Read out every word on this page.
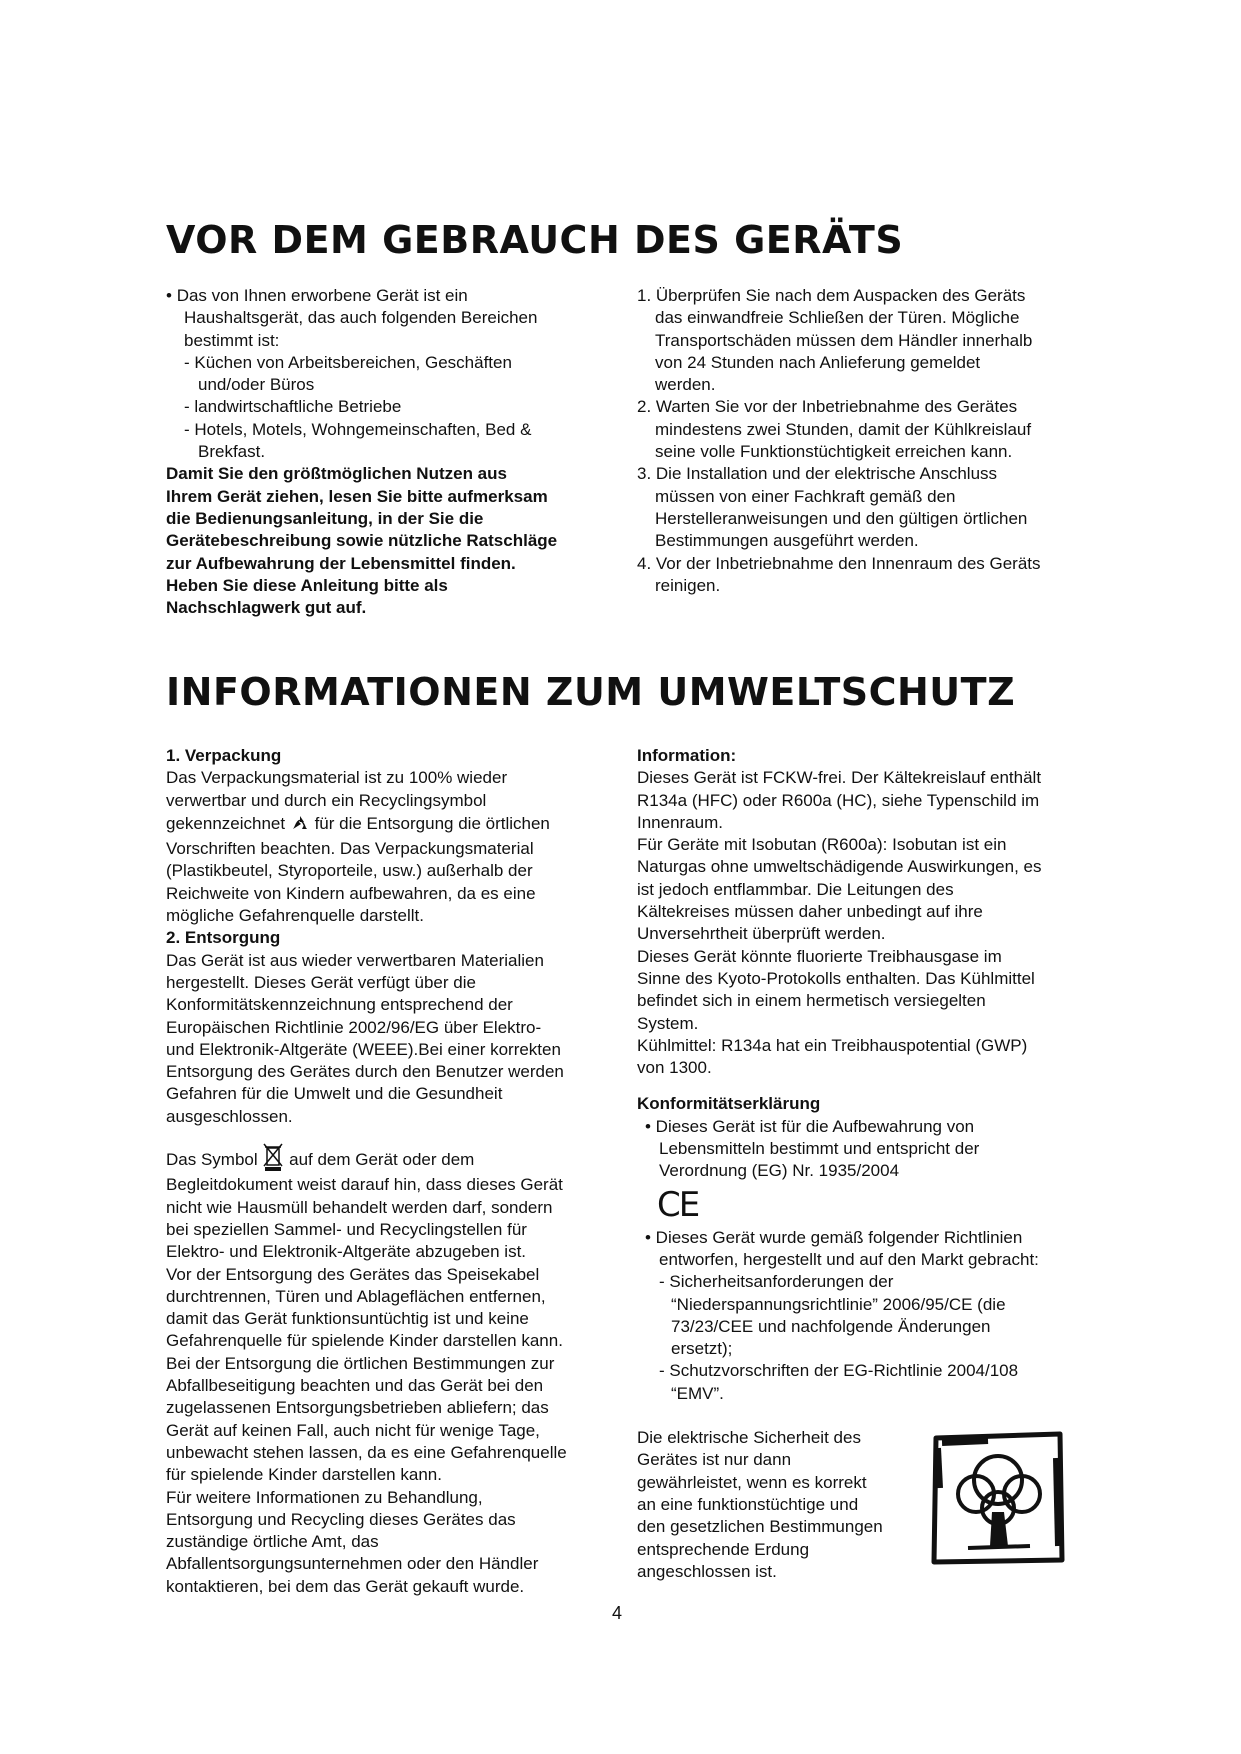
VOR DEM GEBRAUCH DES GERÄTS

• Das von Ihnen erworbene Gerät ist ein

Haushaltsgerät, das auch folgenden Bereichen

bestimmt ist:

- Küchen von Arbeitsbereichen, Geschäften

und/oder Büros

- landwirtschaftliche Betriebe

- Hotels, Motels, Wohngemeinschaften, Bed &

Brekfast.

Damit Sie den größtmöglichen Nutzen aus

Ihrem Gerät ziehen, lesen Sie bitte aufmerksam

die Bedienungsanleitung, in der Sie die

Gerätebeschreibung sowie nützliche Ratschläge

zur Aufbewahrung der Lebensmittel finden.

Heben Sie diese Anleitung bitte als

Nachschlagwerk gut auf.

1. Überprüfen Sie nach dem Auspacken des Geräts

das einwandfreie Schließen der Türen. Mögliche

Transportschäden müssen dem Händler innerhalb

von 24 Stunden nach Anlieferung gemeldet

werden.

2. Warten Sie vor der Inbetriebnahme des Gerätes

mindestens zwei Stunden, damit der Kühlkreislauf

seine volle Funktionstüchtigkeit erreichen kann.

3. Die Installation und der elektrische Anschluss

müssen von einer Fachkraft gemäß den

Herstelleranweisungen und den gültigen örtlichen

Bestimmungen ausgeführt werden.

4. Vor der Inbetriebnahme den Innenraum des Geräts

reinigen.

INFORMATIONEN ZUM UMWELTSCHUTZ

1. Verpackung

Das Verpackungsmaterial ist zu 100% wieder

verwertbar und durch ein Recyclingsymbol

gekennzeichnet für die Entsorgung die örtlichen

Vorschriften beachten. Das Verpackungsmaterial

(Plastikbeutel, Styroporteile, usw.) außerhalb der

Reichweite von Kindern aufbewahren, da es eine

mögliche Gefahrenquelle darstellt.

2. Entsorgung

Das Gerät ist aus wieder verwertbaren Materialien

hergestellt. Dieses Gerät verfügt über die

Konformitätskennzeichnung entsprechend der

Europäischen Richtlinie 2002/96/EG über Elektro-

und Elektronik-Altgeräte (WEEE).Bei einer korrekten

Entsorgung des Gerätes durch den Benutzer werden

Gefahren für die Umwelt und die Gesundheit

ausgeschlossen.

Das Symbol auf dem Gerät oder dem

Begleitdokument weist darauf hin, dass dieses Gerät

nicht wie Hausmüll behandelt werden darf, sondern

bei speziellen Sammel- und Recyclingstellen für

Elektro- und Elektronik-Altgeräte abzugeben ist.

Vor der Entsorgung des Gerätes das Speisekabel

durchtrennen, Türen und Ablageflächen entfernen,

damit das Gerät funktionsuntüchtig ist und keine

Gefahrenquelle für spielende Kinder darstellen kann.

Bei der Entsorgung die örtlichen Bestimmungen zur

Abfallbeseitigung beachten und das Gerät bei den

zugelassenen Entsorgungsbetrieben abliefern; das

Gerät auf keinen Fall, auch nicht für wenige Tage,

unbewacht stehen lassen, da es eine Gefahrenquelle

für spielende Kinder darstellen kann.

Für weitere Informationen zu Behandlung,

Entsorgung und Recycling dieses Gerätes das

zuständige örtliche Amt, das

Abfallentsorgungsunternehmen oder den Händler

kontaktieren, bei dem das Gerät gekauft wurde.

Information:

Dieses Gerät ist FCKW-frei. Der Kältekreislauf enthält

R134a (HFC) oder R600a (HC), siehe Typenschild im

Innenraum.

Für Geräte mit Isobutan (R600a): Isobutan ist ein

Naturgas ohne umweltschädigende Auswirkungen, es

ist jedoch entflammbar. Die Leitungen des

Kältekreises müssen daher unbedingt auf ihre

Unversehrtheit überprüft werden.

Dieses Gerät könnte fluorierte Treibhausgase im

Sinne des Kyoto-Protokolls enthalten. Das Kühlmittel

befindet sich in einem hermetisch versiegelten

System.

Kühlmittel: R134a hat ein Treibhauspotential (GWP)

von 1300.

Konformitätserklärung

• Dieses Gerät ist für die Aufbewahrung von

Lebensmitteln bestimmt und entspricht der

Verordnung (EG) Nr. 1935/2004

CE

• Dieses Gerät wurde gemäß folgender Richtlinien

entworfen, hergestellt und auf den Markt gebracht:

- Sicherheitsanforderungen der

“Niederspannungsrichtlinie” 2006/95/CE (die

73/23/CEE und nachfolgende Änderungen

ersetzt);

- Schutzvorschriften der EG-Richtlinie 2004/108

“EMV”.

Die elektrische Sicherheit des

Gerätes ist nur dann

gewährleistet, wenn es korrekt

an eine funktionstüchtige und

den gesetzlichen Bestimmungen

entsprechende Erdung

angeschlossen ist.

4
